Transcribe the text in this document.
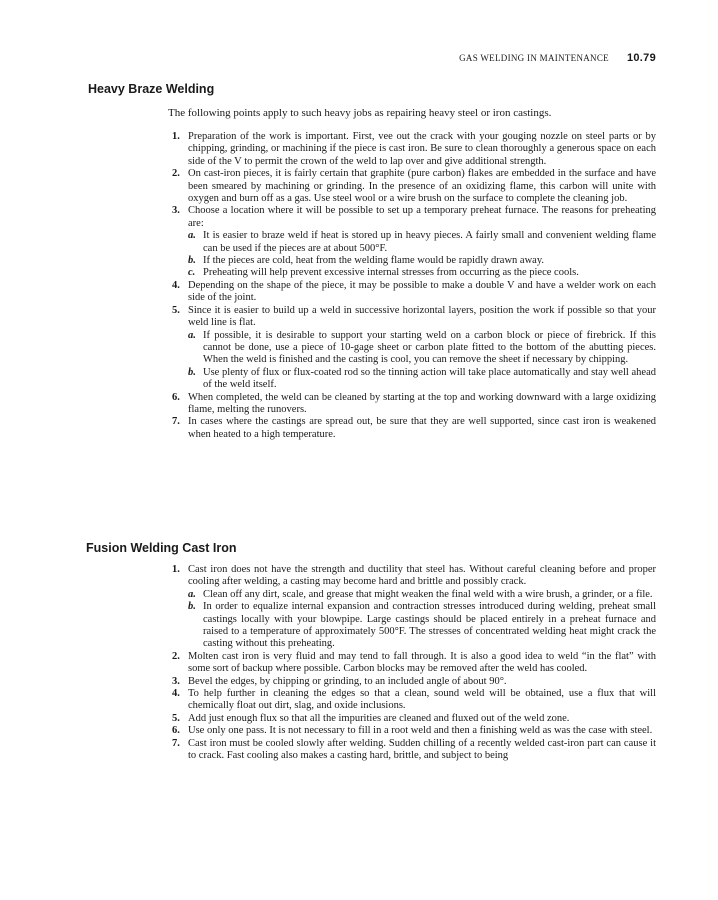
GAS WELDING IN MAINTENANCE 10.79
Heavy Braze Welding

The following points apply to such heavy jobs as repairing heavy steel or iron castings.

1. Preparation of the work is important. First, vee out the crack with your gouging nozzle on steel parts or by chipping, grinding, or machining if the piece is cast iron. Be sure to clean thoroughly a generous space on each side of the V to permit the crown of the weld to lap over and give additional strength.
2. On cast-iron pieces, it is fairly certain that graphite (pure carbon) flakes are embedded in the surface and have been smeared by machining or grinding. In the presence of an oxidizing flame, this carbon will unite with oxygen and burn off as a gas. Use steel wool or a wire brush on the surface to complete the cleaning job.
3. Choose a location where it will be possible to set up a temporary preheat furnace. The reasons for preheating are:
a. It is easier to braze weld if heat is stored up in heavy pieces. A fairly small and convenient welding flame can be used if the pieces are at about 500°F.
b. If the pieces are cold, heat from the welding flame would be rapidly drawn away.
c. Preheating will help prevent excessive internal stresses from occurring as the piece cools.
4. Depending on the shape of the piece, it may be possible to make a double V and have a welder work on each side of the joint.
5. Since it is easier to build up a weld in successive horizontal layers, position the work if possible so that your weld line is flat.
a. If possible, it is desirable to support your starting weld on a carbon block or piece of firebrick. If this cannot be done, use a piece of 10-gage sheet or carbon plate fitted to the bottom of the abutting pieces. When the weld is finished and the casting is cool, you can remove the sheet if necessary by chipping.
b. Use plenty of flux or flux-coated rod so the tinning action will take place automatically and stay well ahead of the weld itself.
6. When completed, the weld can be cleaned by starting at the top and working downward with a large oxidizing flame, melting the runovers.
7. In cases where the castings are spread out, be sure that they are well supported, since cast iron is weakened when heated to a high temperature.
Fusion Welding Cast Iron
1. Cast iron does not have the strength and ductility that steel has. Without careful cleaning before and proper cooling after welding, a casting may become hard and brittle and possibly crack.
a. Clean off any dirt, scale, and grease that might weaken the final weld with a wire brush, a grinder, or a file.
b. In order to equalize internal expansion and contraction stresses introduced during welding, preheat small castings locally with your blowpipe. Large castings should be placed entirely in a preheat furnace and raised to a temperature of approximately 500°F. The stresses of concentrated welding heat might crack the casting without this preheating.
2. Molten cast iron is very fluid and may tend to fall through. It is also a good idea to weld “in the flat” with some sort of backup where possible. Carbon blocks may be removed after the weld has cooled.
3. Bevel the edges, by chipping or grinding, to an included angle of about 90°.
4. To help further in cleaning the edges so that a clean, sound weld will be obtained, use a flux that will chemically float out dirt, slag, and oxide inclusions.
5. Add just enough flux so that all the impurities are cleaned and fluxed out of the weld zone.
6. Use only one pass. It is not necessary to fill in a root weld and then a finishing weld as was the case with steel.
7. Cast iron must be cooled slowly after welding. Sudden chilling of a recently welded cast-iron part can cause it to crack. Fast cooling also makes a casting hard, brittle, and subject to being
